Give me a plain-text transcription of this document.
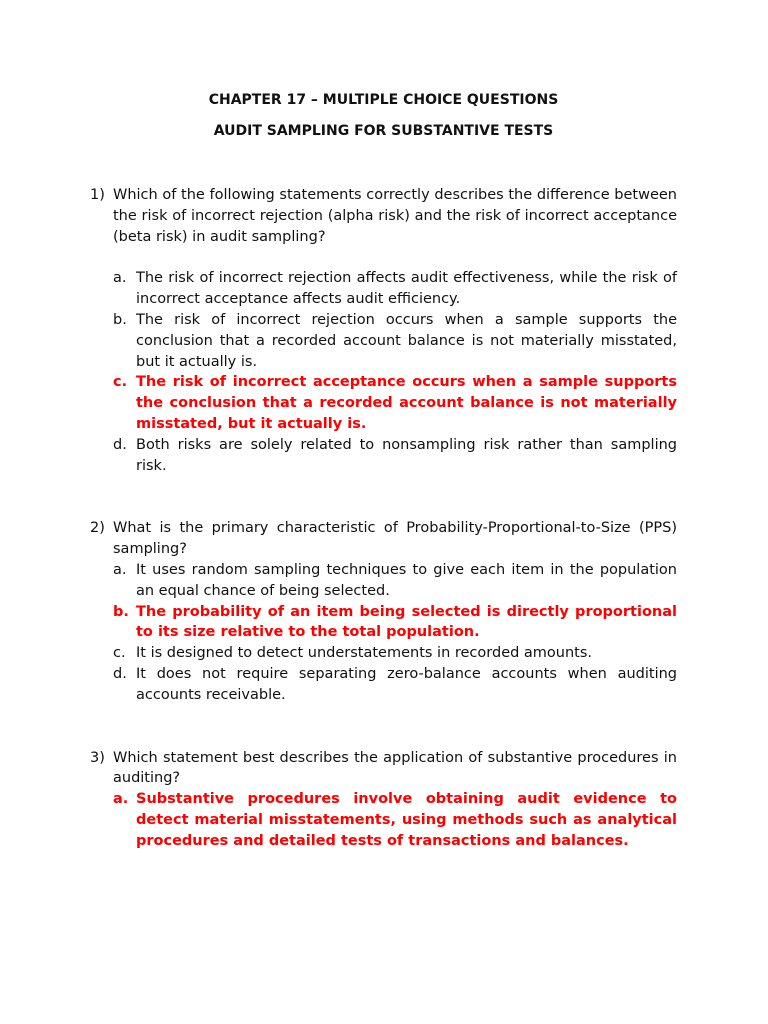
CHAPTER 17 – MULTIPLE CHOICE QUESTIONS

AUDIT SAMPLING FOR SUBSTANTIVE TESTS

1) Which of the following statements correctly describes the difference between the risk of incorrect rejection (alpha risk) and the risk of incorrect acceptance (beta risk) in audit sampling?

a. The risk of incorrect rejection affects audit effectiveness, while the risk of incorrect acceptance affects audit efficiency.
b. The risk of incorrect rejection occurs when a sample supports the conclusion that a recorded account balance is not materially misstated, but it actually is.
c. The risk of incorrect acceptance occurs when a sample supports the conclusion that a recorded account balance is not materially misstated, but it actually is.
d. Both risks are solely related to nonsampling risk rather than sampling risk.
2) What is the primary characteristic of Probability-Proportional-to-Size (PPS) sampling?

a. It uses random sampling techniques to give each item in the population an equal chance of being selected.
b. The probability of an item being selected is directly proportional to its size relative to the total population.
c. It is designed to detect understatements in recorded amounts.
d. It does not require separating zero-balance accounts when auditing accounts receivable.
3) Which statement best describes the application of substantive procedures in auditing?

a. Substantive procedures involve obtaining audit evidence to detect material misstatements, using methods such as analytical procedures and detailed tests of transactions and balances.
